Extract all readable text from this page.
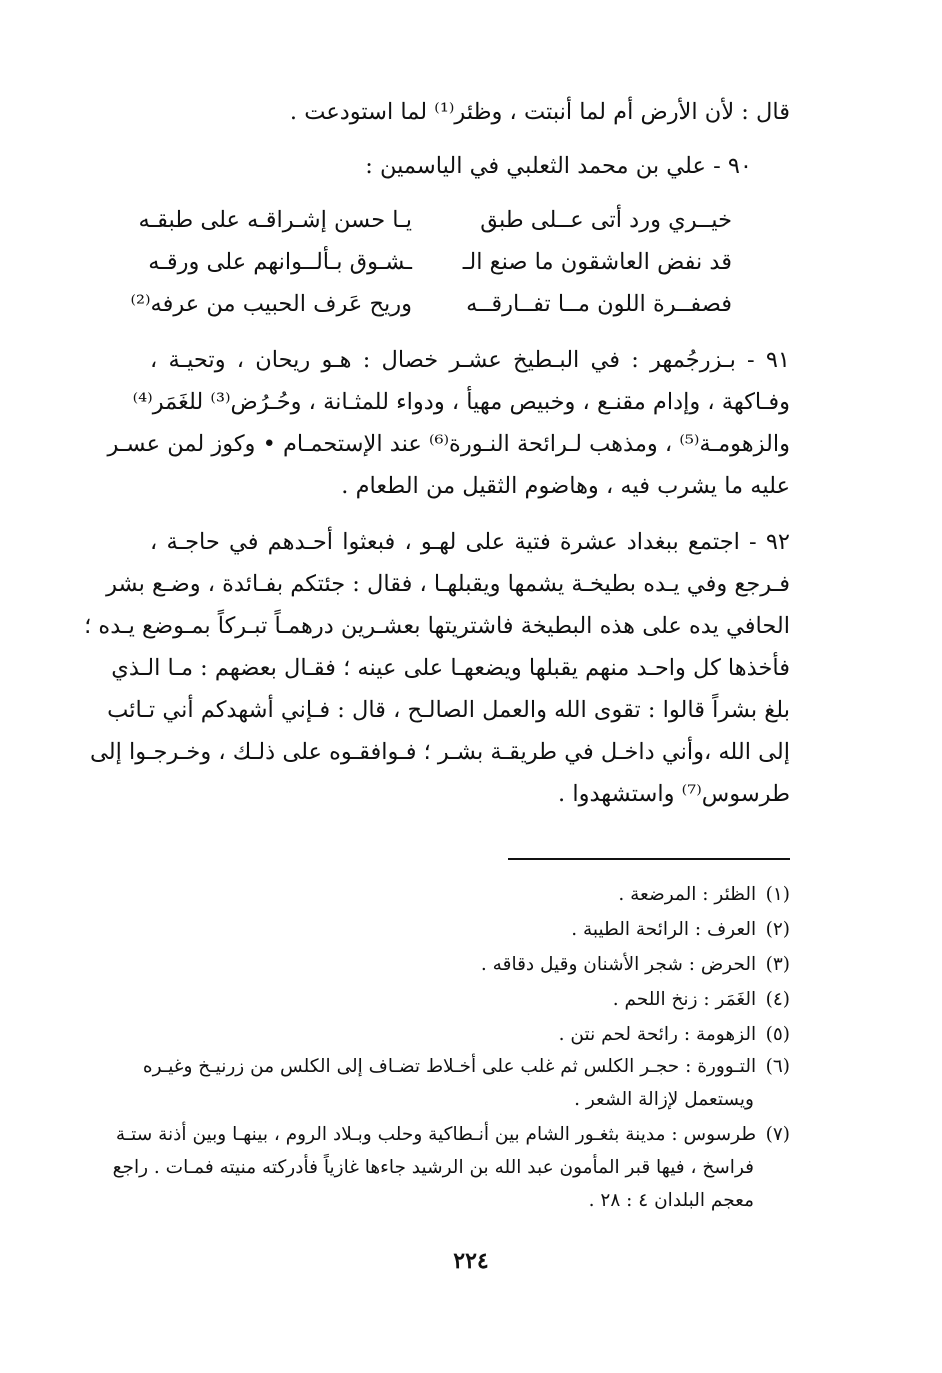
قال : لأن الأرض أم لما أنبتت ، وظئر⁽¹⁾ لما استودعت .
٩٠ - علي بن محمد الثعلبي في الياسمين :
خيــري ورد أتى عــلى طبق
يـا حسن إشـراقـه على طبقـه
قد نفض العاشقون ما صنع الـ
ـشـوق بـألــوانهم على ورقـه
فصفــرة اللون مــا تفــارقــه
وريح عَرف الحبيب من عرفه⁽²⁾
٩١ - بـزرجُمهر : في البـطيخ عشـر خصال : هـو ريحان ، وتحيـة ،
وفـاكهة ، وإدام مقنـع ، وخبيص مهيأ ، ودواء للمثـانة ، وحُـرُض⁽³⁾ للغَمَر⁽⁴⁾
والزهومـة⁽⁵⁾ ، ومذهب لـرائحة النـورة⁽⁶⁾ عند الإستحمـام • وكوز لمن عسـر
عليه ما يشرب فيه ، وهاضوم الثقيل من الطعام .
٩٢ - اجتمع ببغداد عشرة فتية على لهـو ، فبعثوا أحـدهم في حاجـة ،
فـرجع وفي يـده بطيخـة يشمها ويقبلهـا ، فقال : جئتكم بفـائدة ، وضـع بشر
الحافي يده على هذه البطيخة فاشتريتها بعشـرين درهمـاً تبـركاً بمـوضع يـده ؛
فأخذها كل واحـد منهم يقبلها ويضعهـا على عينه ؛ فقـال بعضهم : مـا الـذي
بلغ بشراً قالوا : تقوى الله والعمل الصالـح ، قال : فـإني أشهدكم أني تـائب
إلى الله ،وأني داخـل في طريقـة بشـر ؛ فـوافقـوه على ذلـك ، وخـرجـوا إلى
طرسوس⁽⁷⁾ واستشهدوا .
(١) الظئر : المرضعة .
(٢) العرف : الرائحة الطيبة .
(٣) الحرض : شجر الأشنان وقيل دقاقه .
(٤) الغَمَر : زنخ اللحم .
(٥) الزهومة : رائحة لحم نتن .
(٦) التـوورة : حجـر الكلس ثم غلب على أخـلاط تضـاف إلى الكلس من زرنيـخ وغيـره
ويستعمل لإزالة الشعر .
(٧) طرسوس : مدينة بثغـور الشام بين أنـطاكية وحلب وبـلاد الروم ، بينهـا وبين أذنة ستـة
فراسخ ، فيها قبر المأمون عبد الله بن الرشيد جاءها غازياً فأدركته منيته فمـات . راجع
معجم البلدان ٤ : ٢٨ .
٢٢٤
